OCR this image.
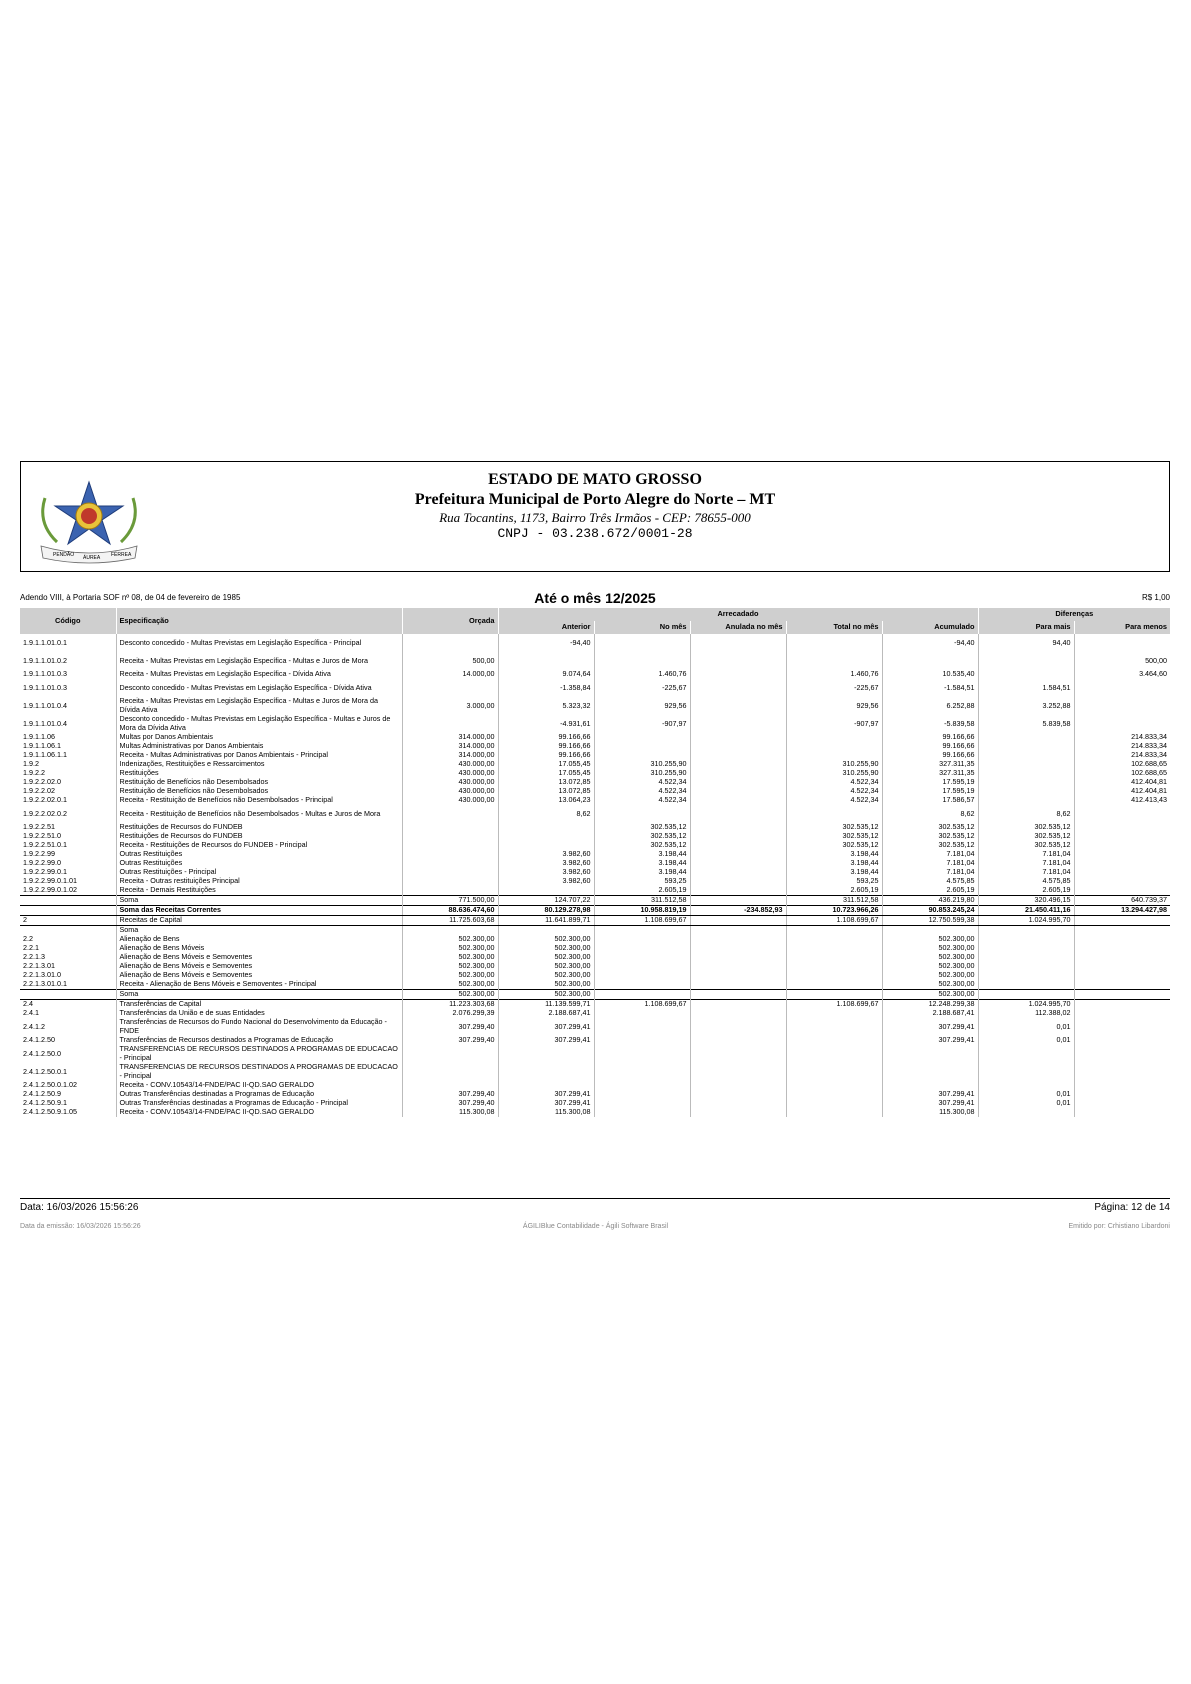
PENDÃO ÁUREA FÉRREA
ESTADO DE MATO GROSSO
Prefeitura Municipal de Porto Alegre do Norte – MT
Rua Tocantins, 1173, Bairro Três Irmãos - CEP: 78655-000
CNPJ - 03.238.672/0001-28
Adendo VIII, à Portaria SOF nº 08, de 04 de fevereiro de 1985	Até o mês 12/2025	R$ 1,00
Código	Especificação	Orçada	Arrecadado					Diferenças	
			Anterior	No mês	Anulada no mês	Total no mês	Acumulado	Para mais	Para menos
1.9.1.1.01.0.1	Desconto concedido - Multas Previstas em Legislação Específica - Principal		-94,40				-94,40	94,40	
1.9.1.1.01.0.2	Receita - Multas Previstas em Legislação Específica - Multas e Juros de Mora	500,00							500,00
1.9.1.1.01.0.3	Receita - Multas Previstas em Legislação Específica - Dívida Ativa	14.000,00	9.074,64	1.460,76		1.460,76	10.535,40		3.464,60
1.9.1.1.01.0.3	Desconto concedido - Multas Previstas em Legislação Específica - Dívida Ativa		-1.358,84	-225,67		-225,67	-1.584,51	1.584,51	
1.9.1.1.01.0.4	Receita - Multas Previstas em Legislação Específica - Multas e Juros de Mora da Dívida Ativa	3.000,00	5.323,32	929,56		929,56	6.252,88	3.252,88	
1.9.1.1.01.0.4	Desconto concedido - Multas Previstas em Legislação Específica - Multas e Juros de Mora da Dívida Ativa		-4.931,61	-907,97		-907,97	-5.839,58	5.839,58	
1.9.1.1.06	Multas por Danos Ambientais	314.000,00	99.166,66				99.166,66		214.833,34
1.9.1.1.06.1	Multas Administrativas por Danos Ambientais	314.000,00	99.166,66				99.166,66		214.833,34
1.9.1.1.06.1.1	Receita - Multas Administrativas por Danos Ambientais - Principal	314.000,00	99.166,66				99.166,66		214.833,34
1.9.2	Indenizações, Restituições e Ressarcimentos	430.000,00	17.055,45	310.255,90		310.255,90	327.311,35		102.688,65
1.9.2.2	Restituições	430.000,00	17.055,45	310.255,90		310.255,90	327.311,35		102.688,65
1.9.2.2.02.0	Restituição de Benefícios não Desembolsados	430.000,00	13.072,85	4.522,34		4.522,34	17.595,19		412.404,81
1.9.2.2.02	Restituição de Benefícios não Desembolsados	430.000,00	13.072,85	4.522,34		4.522,34	17.595,19		412.404,81
1.9.2.2.02.0.1	Receita - Restituição de Benefícios não Desembolsados - Principal	430.000,00	13.064,23	4.522,34		4.522,34	17.586,57		412.413,43
1.9.2.2.02.0.2	Receita - Restituição de Benefícios não Desembolsados - Multas e Juros de Mora		8,62				8,62	8,62	
1.9.2.2.51	Restituições de Recursos do FUNDEB			302.535,12		302.535,12	302.535,12	302.535,12	
1.9.2.2.51.0	Restituições de Recursos do FUNDEB			302.535,12		302.535,12	302.535,12	302.535,12	
1.9.2.2.51.0.1	Receita - Restituições de Recursos do FUNDEB - Principal			302.535,12		302.535,12	302.535,12	302.535,12	
1.9.2.2.99	Outras Restituições		3.982,60	3.198,44		3.198,44	7.181,04	7.181,04	
1.9.2.2.99.0	Outras Restituições		3.982,60	3.198,44		3.198,44	7.181,04	7.181,04	
1.9.2.2.99.0.1	Outras Restituições - Principal		3.982,60	3.198,44		3.198,44	7.181,04	7.181,04	
1.9.2.2.99.0.1.01	Receita - Outras restituições Principal		3.982,60	593,25		593,25	4.575,85	4.575,85	
1.9.2.2.99.0.1.02	Receita - Demais Restituições			2.605,19		2.605,19	2.605,19	2.605,19	
	Soma	771.500,00	124.707,22	311.512,58		311.512,58	436.219,80	320.496,15	640.739,37
	Soma das Receitas Correntes	88.636.474,60	80.129.278,98	10.958.819,19	-234.852,93	10.723.966,26	90.853.245,24	21.450.411,16	13.294.427,98
2	Receitas de Capital	11.725.603,68	11.641.899,71	1.108.699,67		1.108.699,67	12.750.599,38	1.024.995,70	
	Soma								
2.2	Alienação de Bens	502.300,00	502.300,00				502.300,00		
2.2.1	Alienação de Bens Móveis	502.300,00	502.300,00				502.300,00		
2.2.1.3	Alienação de Bens Móveis e Semoventes	502.300,00	502.300,00				502.300,00		
2.2.1.3.01	Alienação de Bens Móveis e Semoventes	502.300,00	502.300,00				502.300,00		
2.2.1.3.01.0	Alienação de Bens Móveis e Semoventes	502.300,00	502.300,00				502.300,00		
2.2.1.3.01.0.1	Receita - Alienação de Bens Móveis e Semoventes - Principal	502.300,00	502.300,00				502.300,00		
	Soma	502.300,00	502.300,00				502.300,00		
2.4	Transferências de Capital	11.223.303,68	11.139.599,71	1.108.699,67		1.108.699,67	12.248.299,38	1.024.995,70	
2.4.1	Transferências da União e de suas Entidades	2.076.299,39	2.188.687,41				2.188.687,41	112.388,02	
2.4.1.2	Transferências de Recursos do Fundo Nacional do Desenvolvimento da Educação - FNDE	307.299,40	307.299,41				307.299,41	0,01	
2.4.1.2.50	Transferências de Recursos destinados a Programas de Educação	307.299,40	307.299,41				307.299,41	0,01	
2.4.1.2.50.0	TRANSFERENCIAS DE RECURSOS DESTINADOS A PROGRAMAS DE EDUCACAO - Principal								
2.4.1.2.50.0.1	TRANSFERENCIAS DE RECURSOS DESTINADOS A PROGRAMAS DE EDUCACAO - Principal								
2.4.1.2.50.0.1.02	Receita - CONV.10543/14-FNDE/PAC II-QD.SAO GERALDO								
2.4.1.2.50.9	Outras Transferências destinadas a Programas de Educação	307.299,40	307.299,41				307.299,41	0,01	
2.4.1.2.50.9.1	Outras Transferências destinadas a Programas de Educação - Principal	307.299,40	307.299,41				307.299,41	0,01	
2.4.1.2.50.9.1.05	Receita - CONV.10543/14-FNDE/PAC II-QD.SAO GERALDO	115.300,08	115.300,08				115.300,08		
Data: 16/03/2026 15:56:26	Página: 12 de 14
Data da emissão: 16/03/2026 15:56:26	ÁGILIBlue Contabilidade - Ágili Software Brasil	Emitido por: Crhistiano Libardoni
